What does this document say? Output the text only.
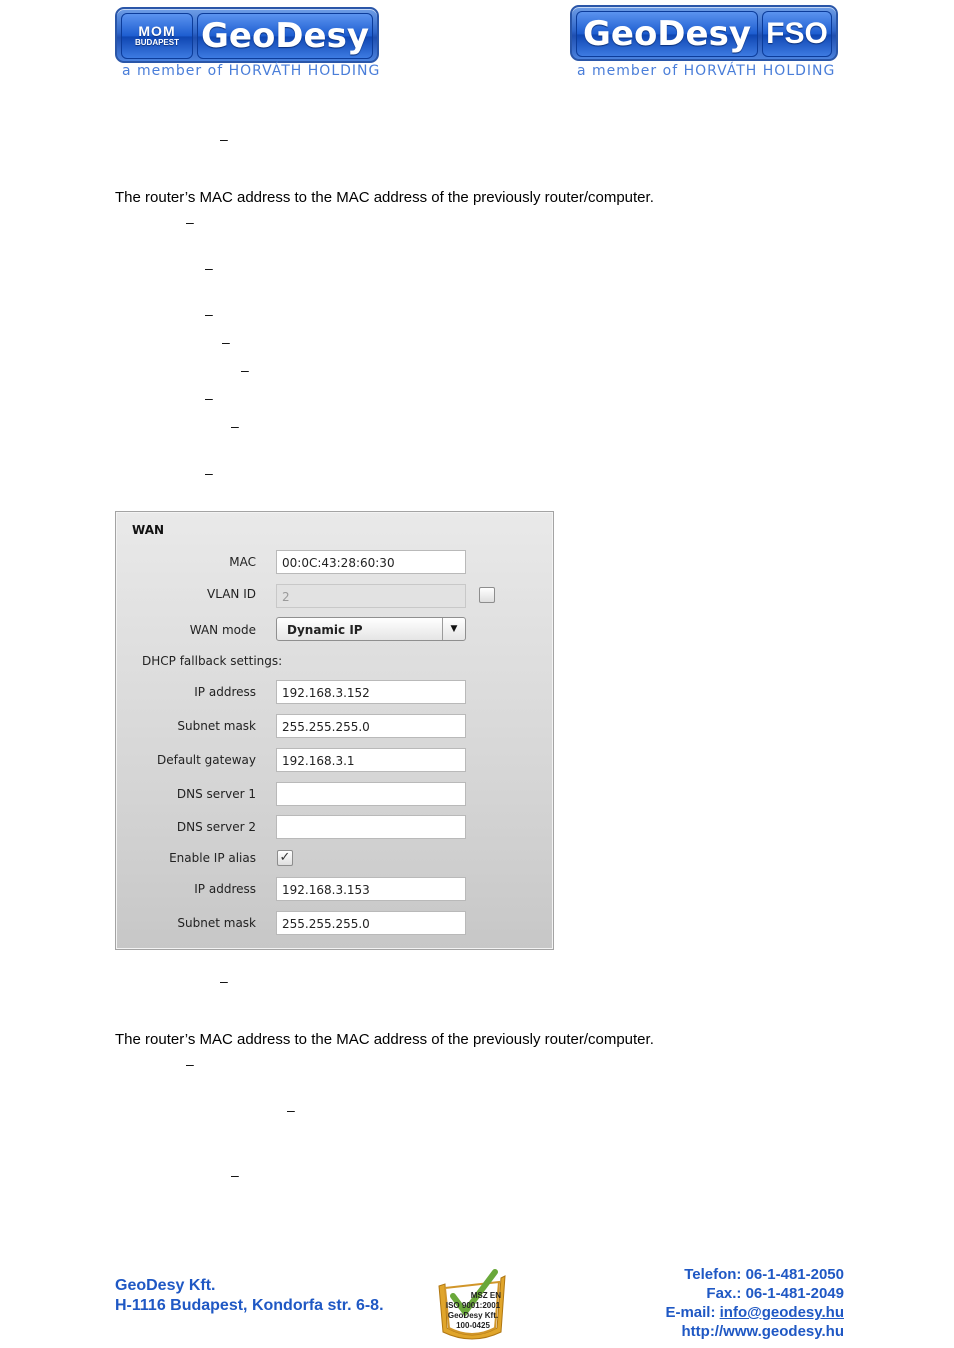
MOM
BUDAPEST GeoDesy
a member of HORVÁTH HOLDING
GeoDesy FSO
a member of HORVÁTH HOLDING
–
The router’s MAC address to the MAC address of the previously router/computer.
–
–
–
–
–
–
–
–
WAN
MAC	00:0C:43:28:60:30
VLAN ID	2
WAN mode	Dynamic IP	▼
DHCP fallback settings:
IP address	192.168.3.152
Subnet mask	255.255.255.0
Default gateway	192.168.3.1
DNS server 1
DNS server 2
Enable IP alias ✓
IP address	192.168.3.153
Subnet mask	255.255.255.0
–
The router’s MAC address to the MAC address of the previously router/computer.
–
–
–
GeoDesy Kft.
H-1116 Budapest, Kondorfa str. 6-8.
MSZ EN
ISO 9001:2001
GeoDesy Kft.
100-0425
Telefon: 06-1-481-2050
Fax.: 06-1-481-2049
E-mail: info@geodesy.hu
http://www.geodesy.hu
